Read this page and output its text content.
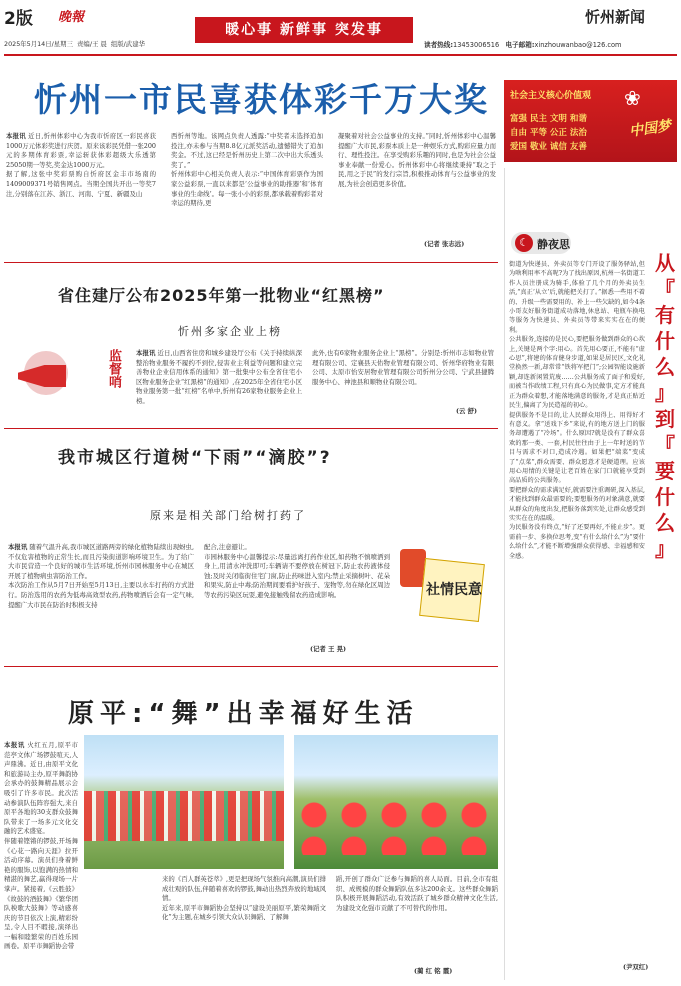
2版 晚報
暖心事 新鲜事 突发事
忻州新闻
2025年5月14日/星期三 责编/王 晨 组版/武建华	读者热线:13453006516 电子邮箱:xinzhouwanbao@126.com
忻州一市民喜获体彩千万大奖
本报讯 近日,忻州体彩中心为我市忻府区一彩民喜获1000万元体彩奖进行庆贺。原来该彩民凭借一张200元的多期体育彩票,幸运斩获体彩超级大乐透第25050期一等奖,奖金达1000万元。
据了解,这张中奖彩票购自忻府区金丰市场南的1409009371号销售网点。当期全国共开出一等奖7注,分别落在江苏、浙江、河南、宁夏、新疆及山
西忻州等地。该网点负责人透露:“中奖者未选择追加投注,亦未参与当期8.8亿元派奖活动,遗憾错失了追加奖金。不过,这已经是忻州历史上第二次中出大乐透头奖了。”
忻州体彩中心相关负责人表示:“中国体育彩票作为国家公益彩票,一直以来都是‘公益事业的助推器’和‘体育事业的生命线’。每一张小小的彩票,都承载着购彩者对幸运的期待,更
凝聚着对社会公益事业的支持。”同时,忻州体彩中心温馨提醒广大市民,彩票本质上是一种娱乐方式,购彩应量力而行、理性投注。在享受购彩乐趣的同时,也是为社会公益事业奉献一份爱心。忻州体彩中心将继续秉持“取之于民,用之于民”的发行宗旨,积极推动体育与公益事业的发展,为社会创造更多价值。
(记者 张志远)
社会主义核心价值观
富强 民主 文明 和谐
自由 平等 公正 法治
爱国 敬业 诚信 友善
❀
中国梦
☾ 静夜思
从
『
有
什
么
』
到
『
要
什
么
』
街道为快递员、外卖员等专门开设了服务驿站,但为啥利用率不高呢?为了找出原因,杭州一名街道工作人员注册成为骑手,体验了几个月的外卖员生活,“真正‘从立’后,就能把关打了。”据悉一些用不着的、升级一些需要用的、补上一些欠缺的,如今4条小哥友好服务街道成功落地,休息站、电瓶车换电等服务为快递员、外卖员等带来实实在在的便利。
公共服务,连接的是民心,要把服务做到群众的心坎上,关键是两个字:用心。首先用心要正,不能有“虚心思”,将建的体育健身步道,如果是居民区,文化礼堂换然一新,却常常“铁将军把门”;公园智能设施新颖,却连新闲置荒废……公共服务成了面子和爱好,而被当作政绩工程,只有真心为民做事,定方才能真正为群众着想,才能落地满意的服务,才是真正贴近民生,偏离了为民造福的初心。
提供服务不是目的,让人民群众用得上、用得好才有意义。拿“送戏下乡”来说,有的地方送上门的服务却遭遇了“冷场”。什么原因?就是没有了群众喜欢的那一类、一套,村民往往由于上一年时送的节目与需求不对口,造成冷遇。如果把“端菜”变成了“点菜”,群众需要、群众愿意才是硬道理。应该用心用情的关键是让老百姓在家门口就能享受到高品质的公共服务。
要把群众的需求满足好,就需要注重调研,深入基层,才能找到群众最需要的;要想服务的对象满意,就要从群众的角度出发,把服务落到实处,让群众感受到实实在在的温暖。
为民服务没有终点,“好了还要再好,不能止步”。更需前一步、多换位思考,变“有什么给什么”为“要什么给什么”,才能不断增强群众获得感、幸福感和安全感。
(尹双红)
省住建厅公布2025年第一批物业“红黑榜”
忻州多家企业上榜
监督哨 本报讯 近日,山西省住房和城乡建设厅公布《关于持续纵深整治物业服务不履约不到位,侵害业主利益等问题和建立完善物业企业信用体系的通知》第一批集中公布全省住宅小区物业服务企业“红黑榜”的通知》,在2025年全省住宅小区物业服务第一批“红榜”名单中,忻州有26家物业服务企业上榜。
此外,也有6家物业服务企业上“黑榜”。分别是:忻州市志如物业管理有限公司、定襄县天佑物业管理有限公司、忻州华府物业有限公司、太原市怡安居物业管理有限公司忻州分公司、宁武县捷腾服务中心、神池县和顺物业有限公司。
(云 舒)
我市城区行道树“下雨”“滴胶”?
原来是相关部门给树打药了
本报讯 随着气温升高,我市城区道路两旁的绿化植物陆续出现蚜虫,不仅危害植物的正常生长,而且污染街道影响环境卫生。为了给广大市民营造一个良好的城市生活环境,忻州市园林服务中心在城区开展了植物病虫害防治工作。
本次防治工作从5月7日开始至5月13日,主要以水车打药的方式进行。防治选用的农药为低毒高效型农药,药物喷洒后会有一定气味,提醒广大市民在防治时积极支持
配合,注意避让。
市园林服务中心温馨提示:尽量远离打药作业区,如药物不慎喷洒到身上,用清水冲洗即可;车辆请不要停放在树冠下,防止农药液体侵蚀;及时关闭临街住宅门窗,防止药味进入室内;禁止采摘树叶、花朵和果实,防止中毒;防治期间要看护好孩子、宠物等,勿在绿化区周边等农药污染区玩耍,避免接触残留农药造成影响。	社情民意
(记者 王 晃)
原平:“舞”出幸福好生活
本报讯 火红五月,原平市范亭文体广场锣鼓喧天,人声鼎沸。近日,由原平文化和旅游局主办,原平舞韵协会承办的鼓舞精品展示会吸引了许多市民。此次活动参演队伍阵容强大,来自原平各地的30支群众鼓舞队带来了一场多元文化交融的艺术盛宴。
伴随着铿锵的锣鼓,开场舞《心花一路向天涯》拉开活动序幕。演员们身着鲜艳的服饰,以饱满的热情和精湛的舞艺,赢得现场一片掌声。紧接着,《云胜鼓》《故鼓的酒鼓舞》《繁华团队秧歌大鼓舞》等动感喜庆的节目依次上演,精彩纷呈,令人目不暇接,演绎出一幅和睦繁荣的百姓乐园画卷。原平市舞蹈协会带
来的《百人群英苍萃》,更是把现场气氛推向高潮,演员们排成壮观的队伍,伴随着喜欢的锣鼓,舞动出热烈奔放的地域风情。
近年来,原平市舞蹈协会坚持以“建设美丽原平,繁荣舞蹈文化”为主题,在城乡引领大众认识舞蹈、了解舞
蹈,开创了群众广泛参与舞蹈的喜人局面。目前,全市有组织、成规模的群众舞蹈队伍多达200余支。这些群众舞蹈队积极开展舞蹈活动,有效活跃了城乡群众精神文化生活,为建设文化强市贡献了不可替代的作用。
(蔺 红 铭 霞)
